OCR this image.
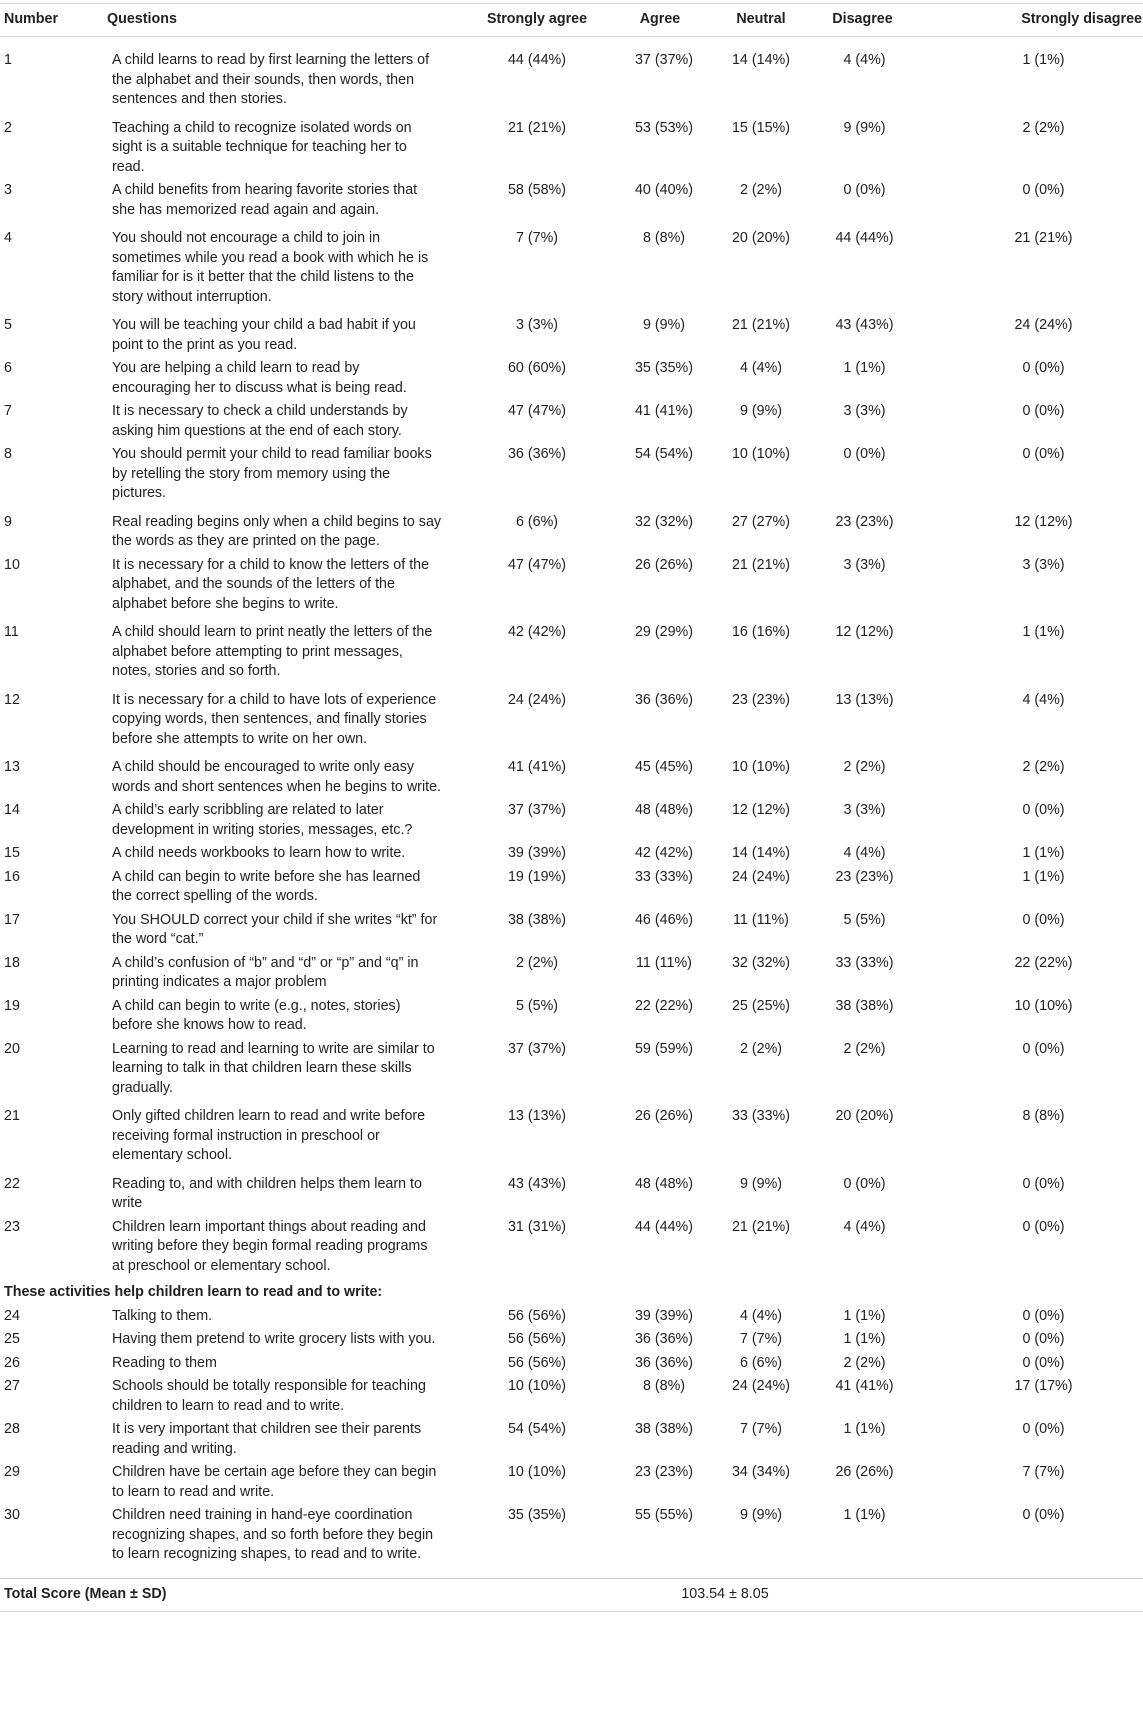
Number	Questions	Strongly agree	Agree	Neutral	Disagree	Strongly disagree
1	A child learns to read by first learning the letters of the alphabet and their sounds, then words, then sentences and then stories.	44 (44%)	37 (37%)	14 (14%)	4 (4%)	1 (1%)
2	Teaching a child to recognize isolated words on sight is a suitable technique for teaching her to read.	21 (21%)	53 (53%)	15 (15%)	9 (9%)	2 (2%)
3	A child benefits from hearing favorite stories that she has memorized read again and again.	58 (58%)	40 (40%)	2 (2%)	0 (0%)	0 (0%)
4	You should not encourage a child to join in sometimes while you read a book with which he is familiar for is it better that the child listens to the story without interruption.	7 (7%)	8 (8%)	20 (20%)	44 (44%)	21 (21%)
5	You will be teaching your child a bad habit if you point to the print as you read.	3 (3%)	9 (9%)	21 (21%)	43 (43%)	24 (24%)
6	You are helping a child learn to read by encouraging her to discuss what is being read.	60 (60%)	35 (35%)	4 (4%)	1 (1%)	0 (0%)
7	It is necessary to check a child understands by asking him questions at the end of each story.	47 (47%)	41 (41%)	9 (9%)	3 (3%)	0 (0%)
8	You should permit your child to read familiar books by retelling the story from memory using the pictures.	36 (36%)	54 (54%)	10 (10%)	0 (0%)	0 (0%)
9	Real reading begins only when a child begins to say the words as they are printed on the page.	6 (6%)	32 (32%)	27 (27%)	23 (23%)	12 (12%)
10	It is necessary for a child to know the letters of the alphabet, and the sounds of the letters of the alphabet before she begins to write.	47 (47%)	26 (26%)	21 (21%)	3 (3%)	3 (3%)
11	A child should learn to print neatly the letters of the alphabet before attempting to print messages, notes, stories and so forth.	42 (42%)	29 (29%)	16 (16%)	12 (12%)	1 (1%)
12	It is necessary for a child to have lots of experience copying words, then sentences, and finally stories before she attempts to write on her own.	24 (24%)	36 (36%)	23 (23%)	13 (13%)	4 (4%)
13	A child should be encouraged to write only easy words and short sentences when he begins to write.	41 (41%)	45 (45%)	10 (10%)	2 (2%)	2 (2%)
14	A child’s early scribbling are related to later development in writing stories, messages, etc.?	37 (37%)	48 (48%)	12 (12%)	3 (3%)	0 (0%)
15	A child needs workbooks to learn how to write.	39 (39%)	42 (42%)	14 (14%)	4 (4%)	1 (1%)
16	A child can begin to write before she has learned the correct spelling of the words.	19 (19%)	33 (33%)	24 (24%)	23 (23%)	1 (1%)
17	You SHOULD correct your child if she writes “kt” for the word “cat.”	38 (38%)	46 (46%)	11 (11%)	5 (5%)	0 (0%)
18	A child’s confusion of “b” and “d” or “p” and “q” in printing indicates a major problem	2 (2%)	11 (11%)	32 (32%)	33 (33%)	22 (22%)
19	A child can begin to write (e.g., notes, stories) before she knows how to read.	5 (5%)	22 (22%)	25 (25%)	38 (38%)	10 (10%)
20	Learning to read and learning to write are similar to learning to talk in that children learn these skills gradually.	37 (37%)	59 (59%)	2 (2%)	2 (2%)	0 (0%)
21	Only gifted children learn to read and write before receiving formal instruction in preschool or elementary school.	13 (13%)	26 (26%)	33 (33%)	20 (20%)	8 (8%)
22	Reading to, and with children helps them learn to write	43 (43%)	48 (48%)	9 (9%)	0 (0%)	0 (0%)
23	Children learn important things about reading and writing before they begin formal reading programs at preschool or elementary school.	31 (31%)	44 (44%)	21 (21%)	4 (4%)	0 (0%)
These activities help children learn to read and to write:						
24	Talking to them.	56 (56%)	39 (39%)	4 (4%)	1 (1%)	0 (0%)
25	Having them pretend to write grocery lists with you.	56 (56%)	36 (36%)	7 (7%)	1 (1%)	0 (0%)
26	Reading to them	56 (56%)	36 (36%)	6 (6%)	2 (2%)	0 (0%)
27	Schools should be totally responsible for teaching children to learn to read and to write.	10 (10%)	8 (8%)	24 (24%)	41 (41%)	17 (17%)
28	It is very important that children see their parents reading and writing.	54 (54%)	38 (38%)	7 (7%)	1 (1%)	0 (0%)
29	Children have be certain age before they can begin to learn to read and write.	10 (10%)	23 (23%)	34 (34%)	26 (26%)	7 (7%)
30	Children need training in hand-eye coordination recognizing shapes, and so forth before they begin to learn recognizing shapes, to read and to write.	35 (35%)	55 (55%)	9 (9%)	1 (1%)	0 (0%)
Total Score (Mean ± SD)			103.54 ± 8.05			
